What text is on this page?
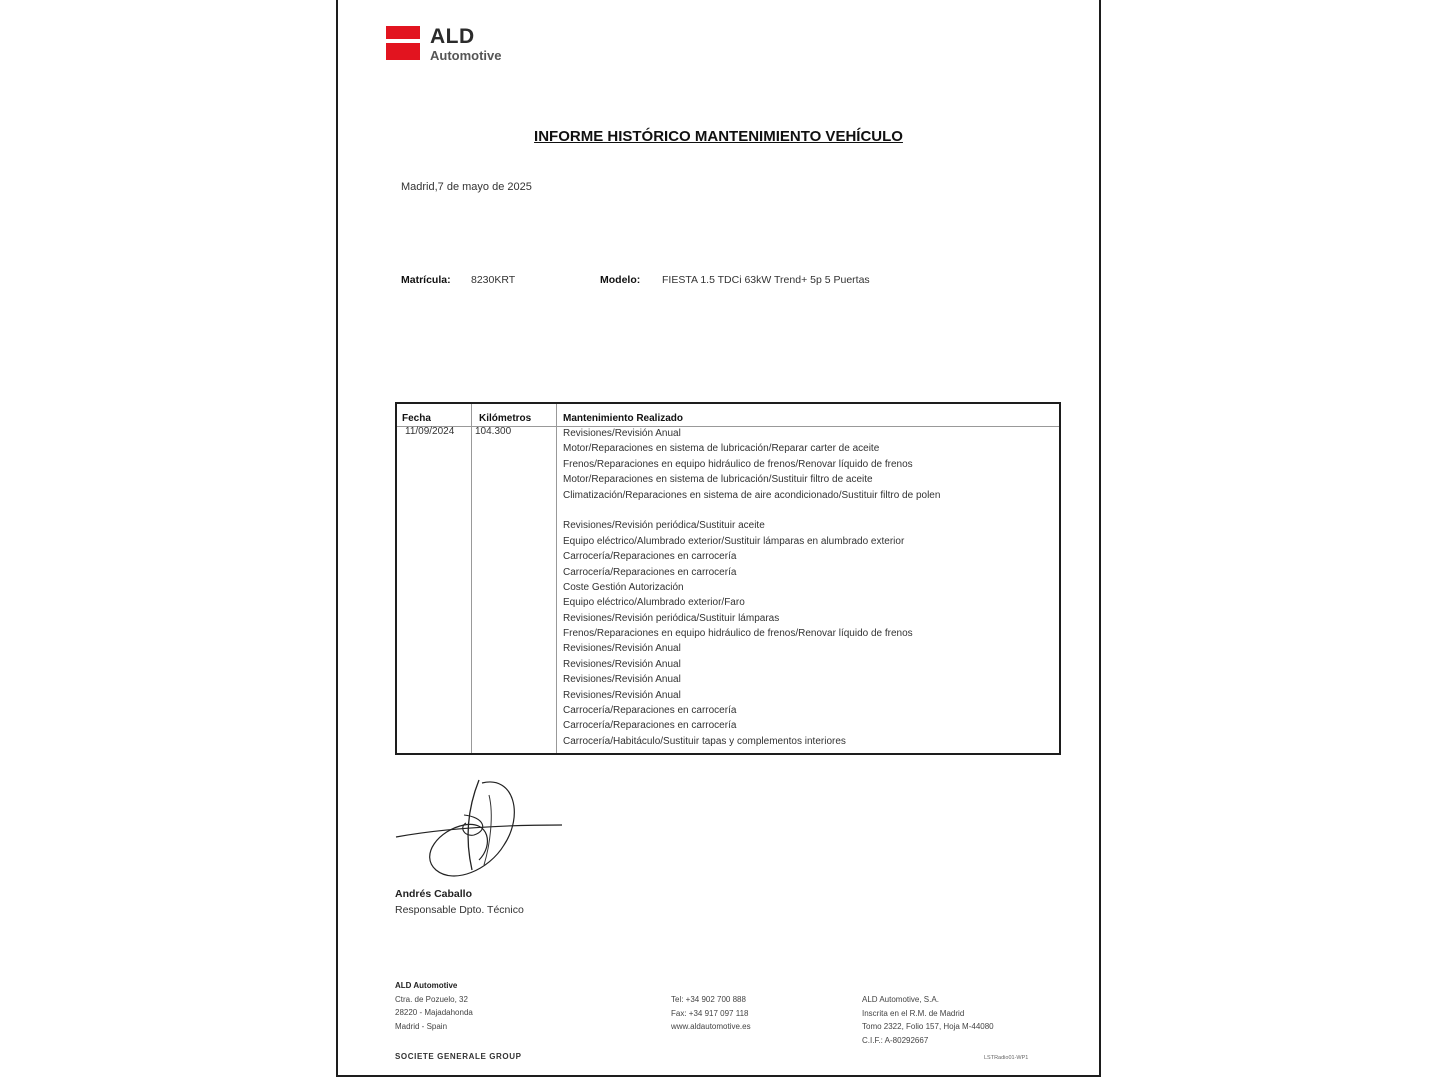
ALD
Automotive
INFORME HISTÓRICO MANTENIMIENTO VEHÍCULO
Madrid,7 de mayo de 2025
Matrícula: 8230KRT	Modelo: FIESTA 1.5 TDCi 63kW Trend+ 5p 5 Puertas
Fecha	Kilómetros	Mantenimiento Realizado
11/09/2024 104.300	Revisiones/Revisión Anual
Motor/Reparaciones en sistema de lubricación/Reparar carter de aceite
Frenos/Reparaciones en equipo hidráulico de frenos/Renovar líquido de frenos
Motor/Reparaciones en sistema de lubricación/Sustituir filtro de aceite
Climatización/Reparaciones en sistema de aire acondicionado/Sustituir filtro de polen
Revisiones/Revisión periódica/Sustituir aceite
Equipo eléctrico/Alumbrado exterior/Sustituir lámparas en alumbrado exterior
Carrocería/Reparaciones en carrocería
Carrocería/Reparaciones en carrocería
Coste Gestión Autorización
Equipo eléctrico/Alumbrado exterior/Faro
Revisiones/Revisión periódica/Sustituir lámparas
Frenos/Reparaciones en equipo hidráulico de frenos/Renovar líquido de frenos
Revisiones/Revisión Anual
Revisiones/Revisión Anual
Revisiones/Revisión Anual
Revisiones/Revisión Anual
Carrocería/Reparaciones en carrocería
Carrocería/Reparaciones en carrocería
Carrocería/Habitáculo/Sustituir tapas y complementos interiores
Andrés Caballo
Responsable Dpto. Técnico
ALD Automotive
Ctra. de Pozuelo, 32
28220 - Majadahonda
Madrid - Spain
Tel: +34 902 700 888
Fax: +34 917 097 118
www.aldautomotive.es
ALD Automotive, S.A.
Inscrita en el R.M. de Madrid
Tomo 2322, Folio 157, Hoja M-44080
C.I.F.: A-80292667
SOCIETE GENERALE GROUP	LSTRadio01-WP1
